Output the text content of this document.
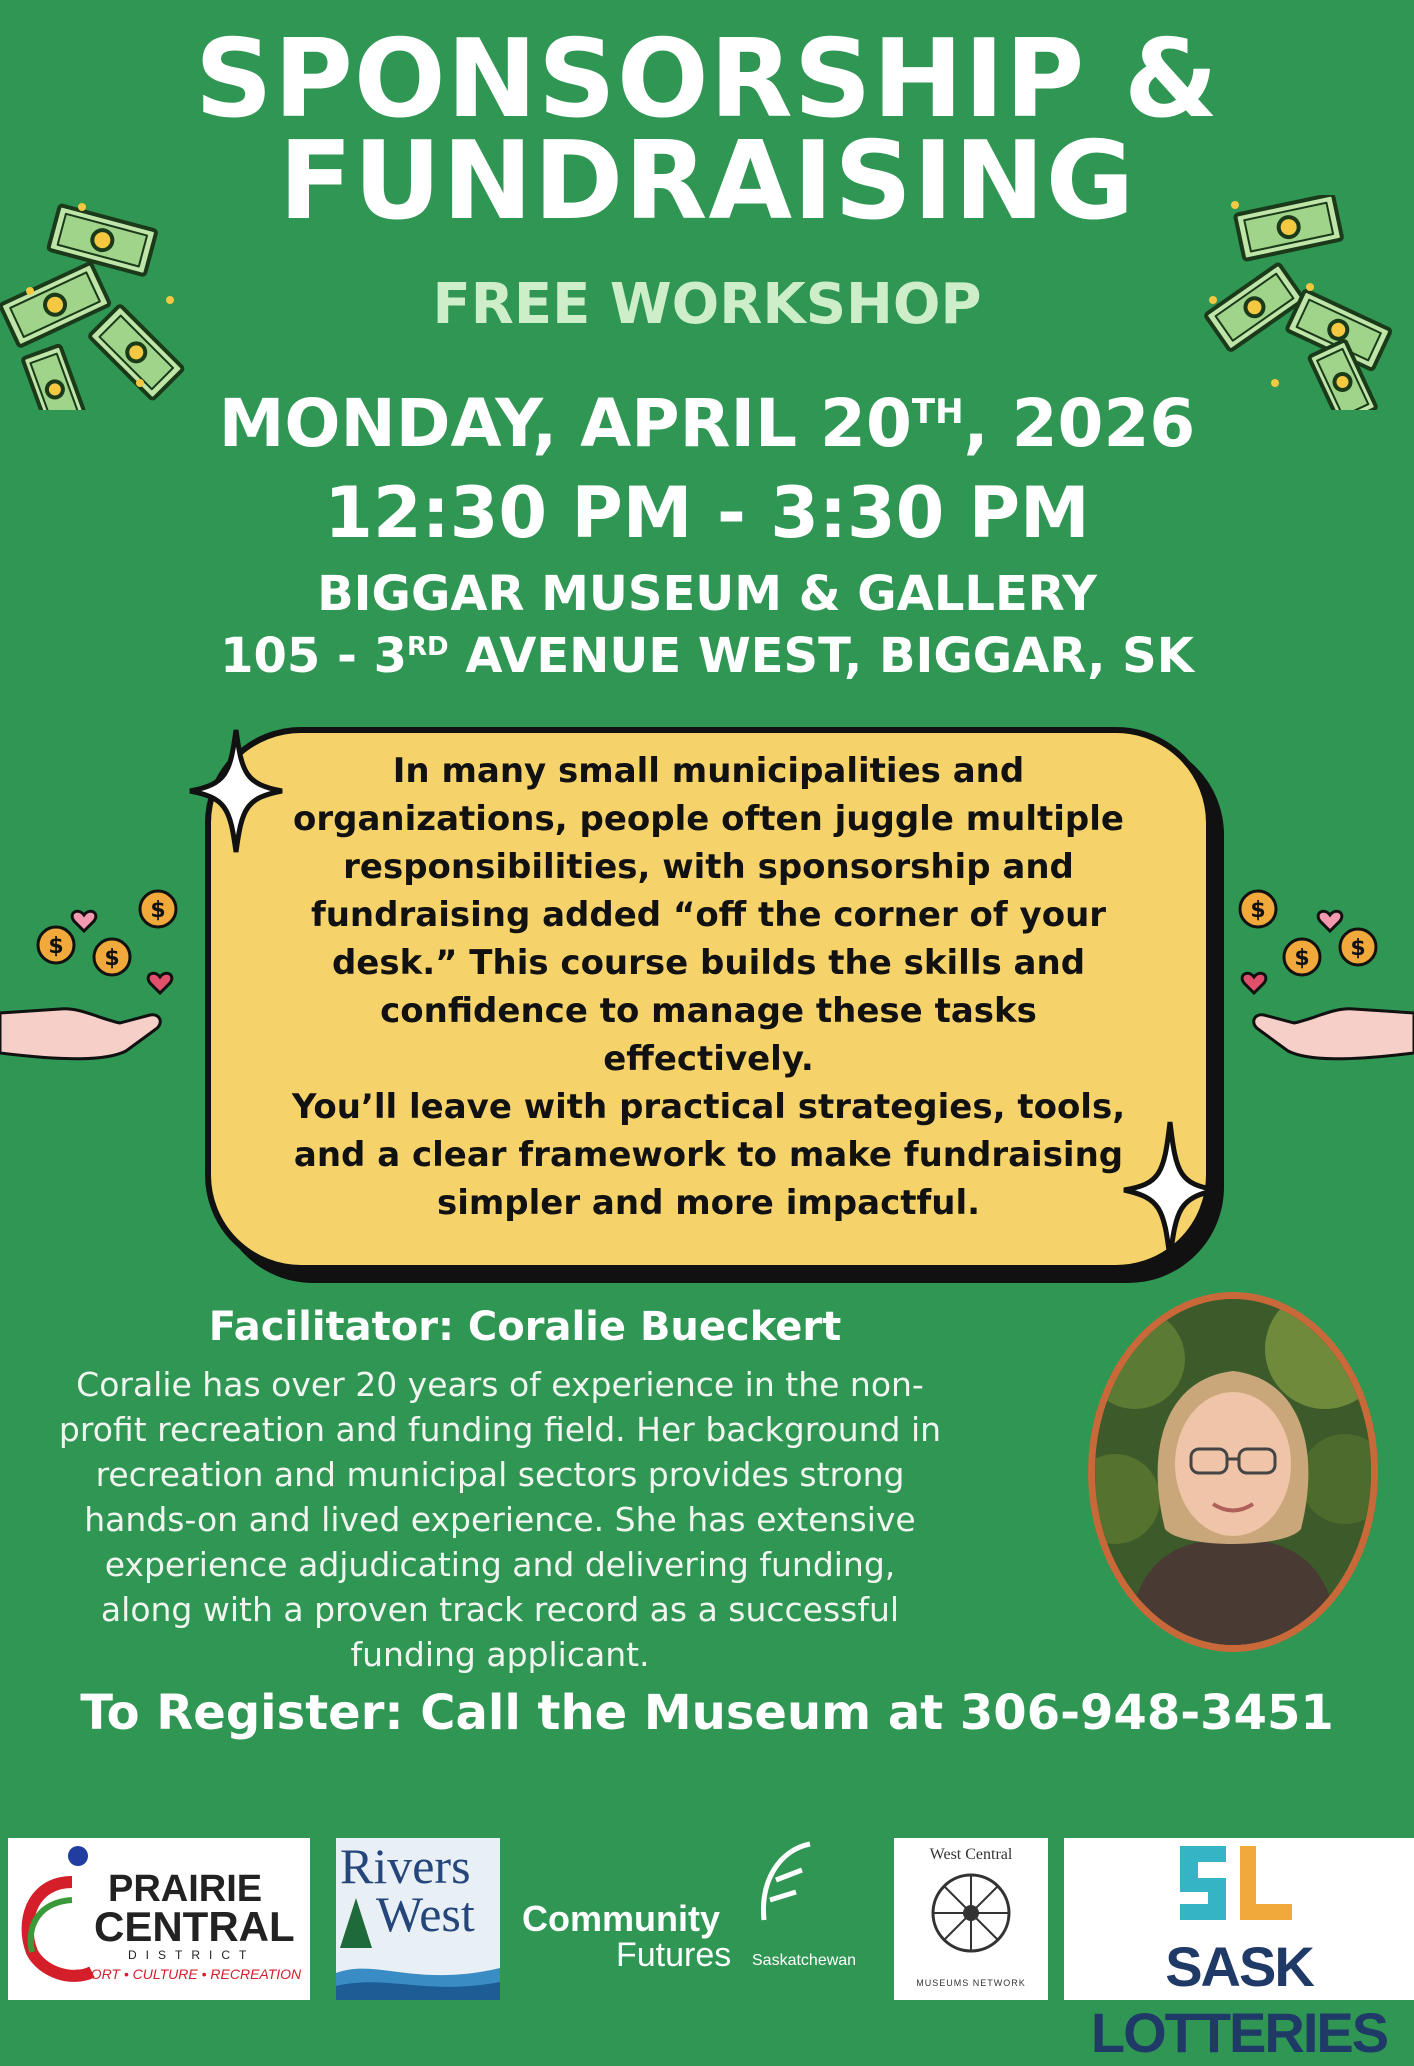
SPONSORSHIP &
FUNDRAISING
FREE WORKSHOP
MONDAY, APRIL 20TH, 2026
12:30 PM - 3:30 PM
BIGGAR MUSEUM & GALLERY
105 - 3RD AVENUE WEST, BIGGAR, SK
In many small municipalities and
organizations, people often juggle multiple
responsibilities, with sponsorship and
fundraising added “off the corner of your
desk.” This course builds the skills and
confidence to manage these tasks
effectively.
You’ll leave with practical strategies, tools,
and a clear framework to make fundraising
simpler and more impactful.
$
$ $
$
$ $
Facilitator: Coralie Bueckert
Coralie has over 20 years of experience in the non-
profit recreation and funding field. Her background in
recreation and municipal sectors provides strong
hands-on and lived experience. She has extensive
experience adjudicating and delivering funding,
along with a proven track record as a successful
funding applicant.
To Register: Call the Museum at 306-948-3451
PRAIRIE
CENTRAL
DISTRICT
SPORT • CULTURE • RECREATION
Rivers
West Community
Futures Saskatchewan
West Central
MUSEUMS NETWORK	SASK LOTTERIES
